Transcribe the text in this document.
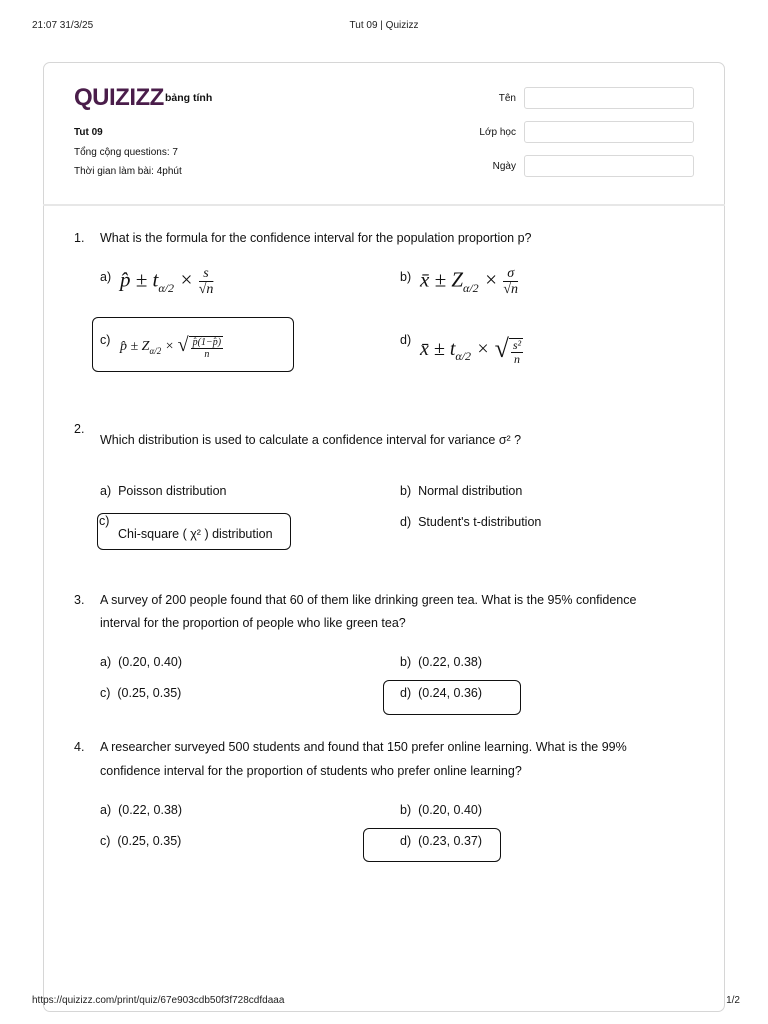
21:07 31/3/25	Tut 09 | Quizizz
QUIZIZZ bảng tính
Tut 09
Tổng cộng questions: 7
Thời gian làm bài: 4phút
Tên
Lớp học
Ngày
1. What is the formula for the confidence interval for the population proportion p?
a) p̂ ± $t_{\alpha/2} \times \frac{s}{√n}$	b) x̄ ± $Z_{\alpha/2} \times \frac{\sigma}{√n}$
c) p̂ ± $Z_{\alpha/2}$ × √ $\frac{p̂(1-p̂)}{n}$	d) x̄ ± $t_{\alpha/2}$ × √ $\frac{\text{s²}}{n}$
2.
Which distribution is used to calculate a confidence interval for variance σ² ?
a) Poisson distribution	b) Normal distribution
c)
Chi-square ( χ² ) distribution
d) Student's t-distribution
3. A survey of 200 people found that 60 of them like drinking green tea. What is the 95% confidence
interval for the proportion of people who like green tea?
a) (0.20, 0.40)	b) (0.22, 0.38)
c) (0.25, 0.35)	d) (0.24, 0.36)
4. A researcher surveyed 500 students and found that 150 prefer online learning. What is the 99%
confidence interval for the proportion of students who prefer online learning?
a) (0.22, 0.38)	b) (0.20, 0.40)
c) (0.25, 0.35)	d) (0.23, 0.37)
https://quizizz.com/print/quiz/67e903cdb50f3f728cdfdaaa	1/2
